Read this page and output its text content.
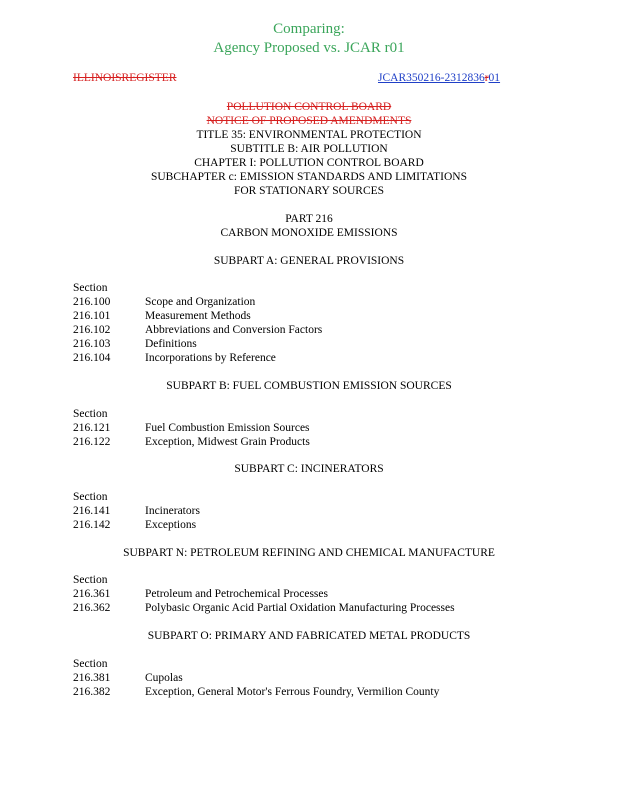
Comparing:
Agency Proposed vs. JCAR r01
ILLINOISREGISTER	JCAR350216-2312836r01
POLLUTION CONTROL BOARD
NOTICE OF PROPOSED AMENDMENTS
TITLE 35: ENVIRONMENTAL PROTECTION
SUBTITLE B: AIR POLLUTION
CHAPTER I: POLLUTION CONTROL BOARD
SUBCHAPTER c: EMISSION STANDARDS AND LIMITATIONS
FOR STATIONARY SOURCES
PART 216
CARBON MONOXIDE EMISSIONS
SUBPART A: GENERAL PROVISIONS
Section
216.100	Scope and Organization
216.101	Measurement Methods
216.102	Abbreviations and Conversion Factors
216.103	Definitions
216.104	Incorporations by Reference
SUBPART B: FUEL COMBUSTION EMISSION SOURCES
Section
216.121	Fuel Combustion Emission Sources
216.122	Exception, Midwest Grain Products
SUBPART C: INCINERATORS
Section
216.141	Incinerators
216.142	Exceptions
SUBPART N: PETROLEUM REFINING AND CHEMICAL MANUFACTURE
Section
216.361	Petroleum and Petrochemical Processes
216.362	Polybasic Organic Acid Partial Oxidation Manufacturing Processes
SUBPART O: PRIMARY AND FABRICATED METAL PRODUCTS
Section
216.381	Cupolas
216.382	Exception, General Motor's Ferrous Foundry, Vermilion County
